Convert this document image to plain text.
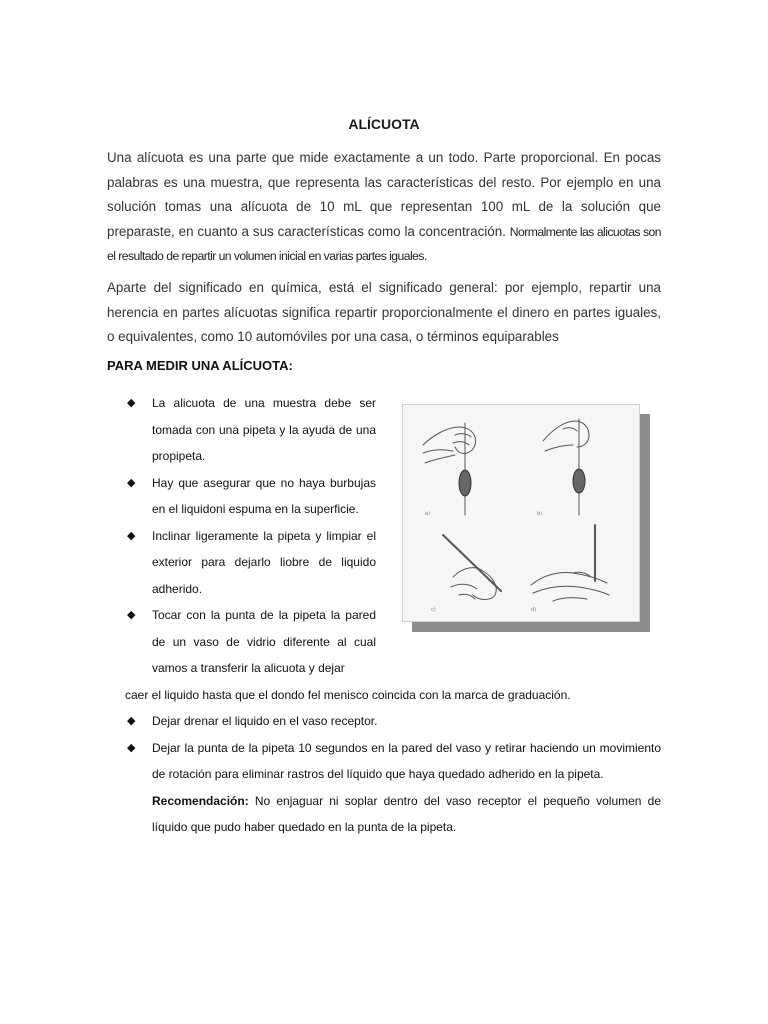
ALÍCUOTA

Una alícuota es una parte que mide exactamente a un todo. Parte proporcional. En pocas palabras es una muestra, que representa las características del resto. Por ejemplo en una solución tomas una alícuota de 10 mL que representan 100 mL de la solución que preparaste, en cuanto a sus características como la concentración. Normalmente las alicuotas son el resultado de repartir un volumen inicial en varias partes iguales.

Aparte del significado en química, está el significado general: por ejemplo, repartir una herencia en partes alícuotas significa repartir proporcionalmente el dinero en partes iguales, o equivalentes, como 10 automóviles por una casa, o términos equiparables

PARA MEDIR UNA ALÍCUOTA:
◆ La alicuota de una muestra debe ser tomada con una pipeta y la ayuda de una propipeta.
◆ Hay que asegurar que no haya burbujas en el liquidoni espuma en la superficie.
◆ Inclinar ligeramente la pipeta y limpiar el exterior para dejarlo liobre de liquido adherido.
◆ Tocar con la punta de la pipeta la pared de un vaso de vidrio diferente al cual vamos a transferir la alicuota y dejar
caer el liquido hasta que el dondo fel menisco coincida con la marca de graduación.
◆ Dejar drenar el liquido en el vaso receptor.
◆ Dejar la punta de la pipeta 10 segundos en la pared del vaso y retirar haciendo un movimiento de rotación para eliminar rastros del líquido que haya quedado adherido en la pipeta.
Recomendación: No enjaguar ni soplar dentro del vaso receptor el pequeño volumen de líquido que pudo haber quedado en la punta de la pipeta.
a)	b)
c)	d)
